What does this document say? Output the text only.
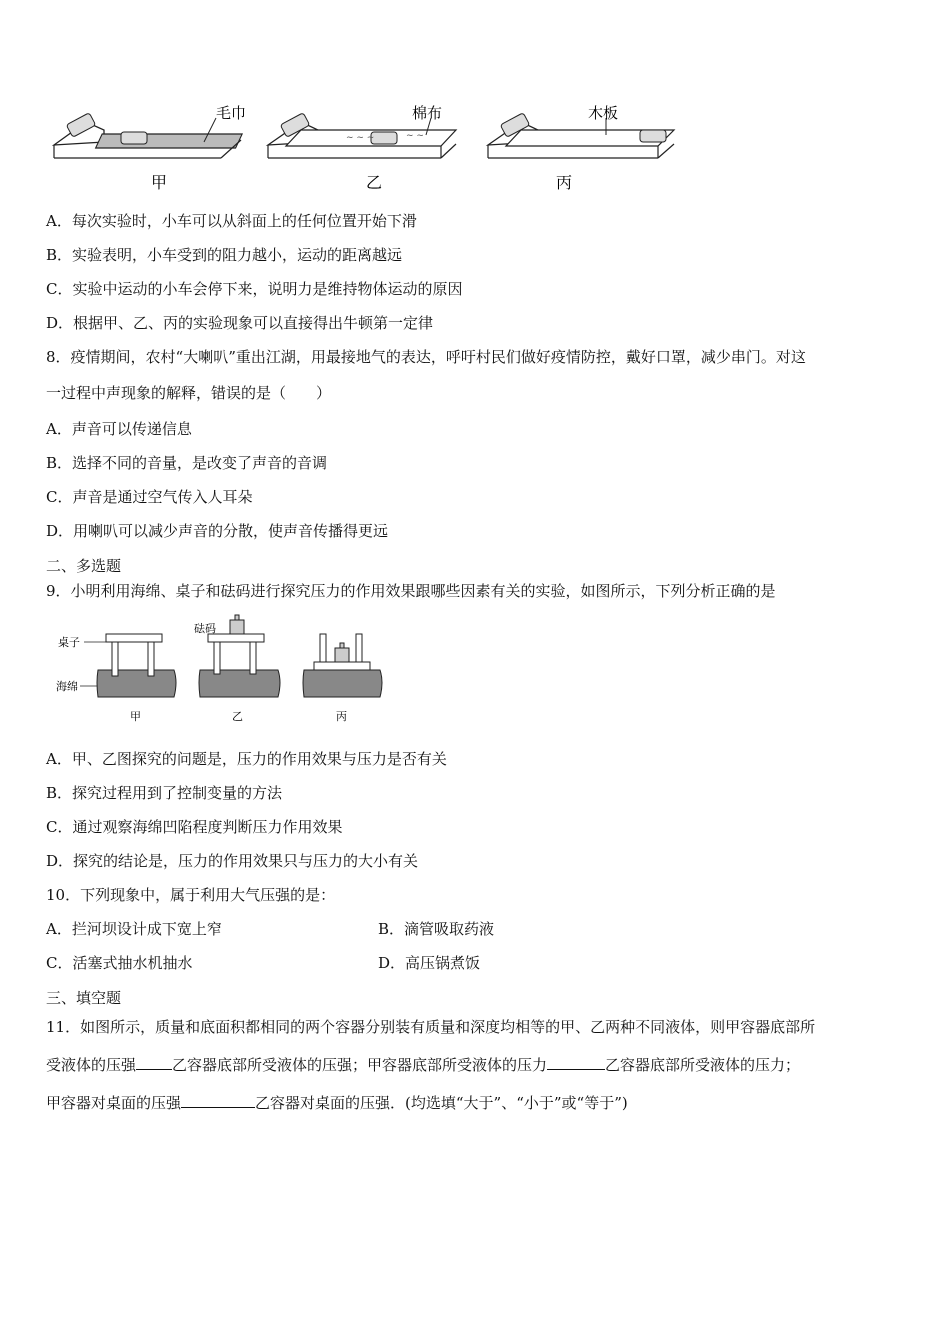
毛巾
甲
~ ~ ~	~ ~
棉布
乙
木板
丙
A．每次实验时，小车可以从斜面上的任何位置开始下滑
B．实验表明，小车受到的阻力越小，运动的距离越远
C．实验中运动的小车会停下来，说明力是维持物体运动的原因
D．根据甲、乙、丙的实验现象可以直接得出牛顿第一定律
8．疫情期间，农村“大喇叭”重出江湖，用最接地气的表达，呼吁村民们做好疫情防控，戴好口罩，减少串门。对这
一过程中声现象的解释，错误的是（　　）
A．声音可以传递信息
B．选择不同的音量，是改变了声音的音调
C．声音是通过空气传入人耳朵
D．用喇叭可以减少声音的分散，使声音传播得更远
二、多选题
9．小明利用海绵、桌子和砝码进行探究压力的作用效果跟哪些因素有关的实验，如图所示，下列分析正确的是
桌子
海绵
甲
砝码
乙	丙
A．甲、乙图探究的问题是，压力的作用效果与压力是否有关
B．探究过程用到了控制变量的方法
C．通过观察海绵凹陷程度判断压力作用效果
D．探究的结论是，压力的作用效果只与压力的大小有关
10．下列现象中，属于利用大气压强的是：
A．拦河坝设计成下宽上窄	B．滴管吸取药液
C．活塞式抽水机抽水	D．高压锅煮饭
三、填空题
11．如图所示，质量和底面积都相同的两个容器分别装有质量和深度均相等的甲、乙两种不同液体，则甲容器底部所
受液体的压强 乙容器底部所受液体的压强；甲容器底部所受液体的压力	乙容器底部所受液体的压力；
甲容器对桌面的压强	乙容器对桌面的压强．(均选填“大于”、“小于”或“等于”)
